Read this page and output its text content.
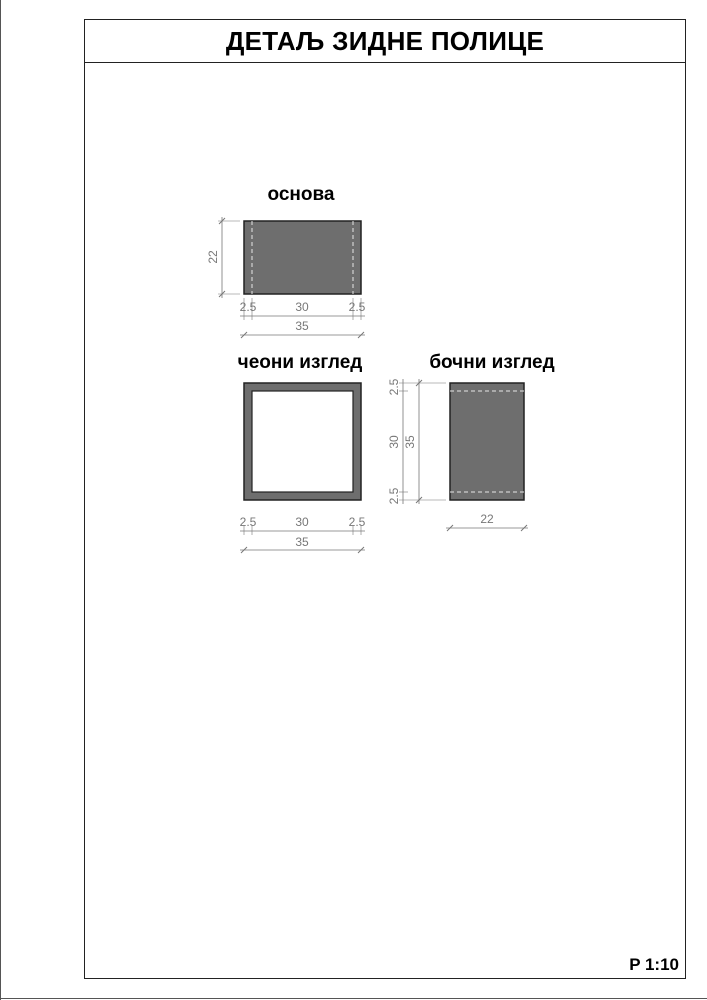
ДЕТАЉ ЗИДНЕ ПОЛИЦЕ
P 1:10
основа
22
2.5	30	2.5
35
чеони изглед
2.5	30	2.5
35
бочни изглед
2.5
30
2.5
35
22
